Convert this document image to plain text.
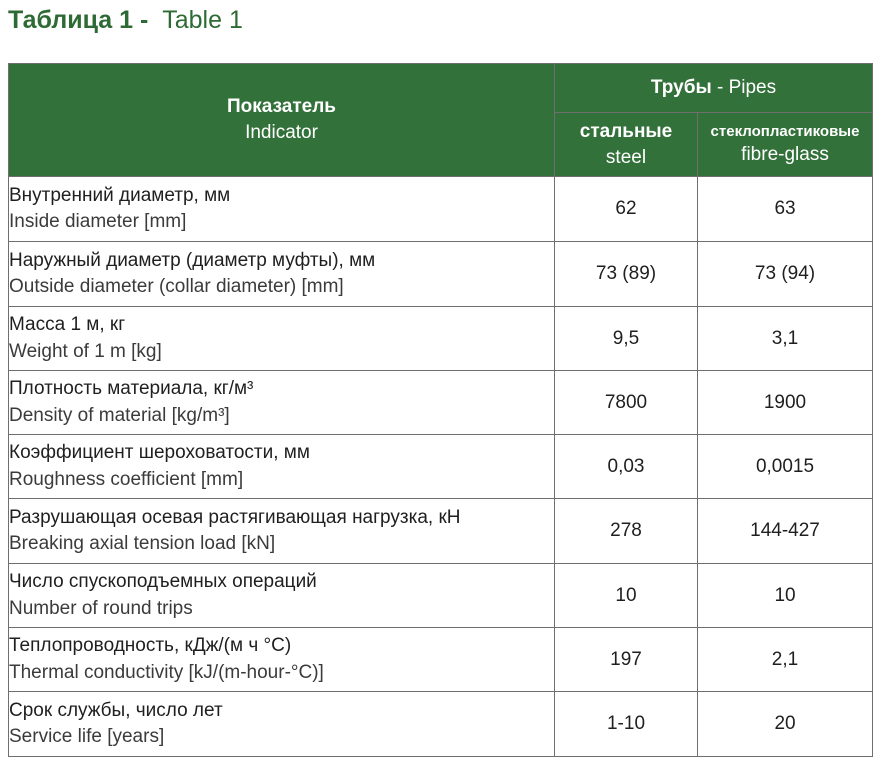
Таблица 1 - Table 1
Показатель
Indicator	Трубы - Pipes	

	стальные
steel	стеклопластиковые
fibre-glass

Внутренний диаметр, мм
Inside diameter [mm]	62	63

Наружный диаметр (диаметр муфты), мм
Outside diameter (collar diameter) [mm]	73 (89)	73 (94)

Масса 1 м, кг
Weight of 1 m [kg]	9,5	3,1

Плотность материала, кг/м³
Density of material [kg/m³]	7800	1900

Коэффициент шероховатости, мм
Roughness coefficient [mm]	0,03	0,0015

Разрушающая осевая растягивающая нагрузка, кН
Breaking axial tension load [kN]	278	144-427

Число спускоподъемных операций
Number of round trips	10	10

Теплопроводность, кДж/(м ч °С)
Thermal conductivity [kJ/(m-hour-°C)]	197	2,1

Срок службы, число лет
Service life [years]	1-10	20
